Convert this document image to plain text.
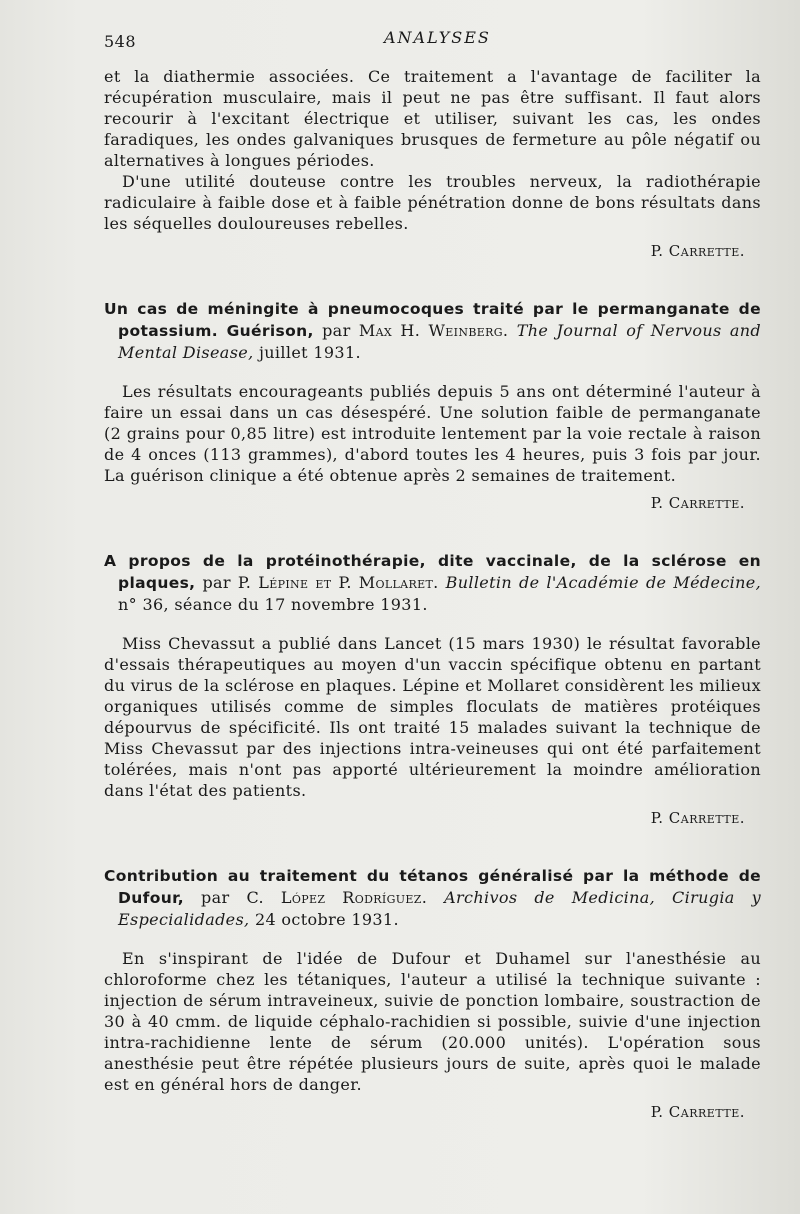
548	ANALYSES

et la diathermie associées. Ce traitement a l'avantage de faciliter la récupération musculaire, mais il peut ne pas être suffisant. Il faut alors recourir à l'excitant électrique et utiliser, suivant les cas, les ondes faradiques, les ondes galvaniques brusques de fermeture au pôle négatif ou alternatives à longues périodes.

D'une utilité douteuse contre les troubles nerveux, la radiothérapie radiculaire à faible dose et à faible pénétration donne de bons résultats dans les séquelles douloureuses rebelles.

P. Carrette.
Un cas de méningite à pneumocoques traité par le permanganate de potassium. Guérison, par Max H. Weinberg. The Journal of Nervous and Mental Disease, juillet 1931.

Les résultats encourageants publiés depuis 5 ans ont déterminé l'auteur à faire un essai dans un cas désespéré. Une solution faible de permanganate (2 grains pour 0,85 litre) est introduite lentement par la voie rectale à raison de 4 onces (113 grammes), d'abord toutes les 4 heures, puis 3 fois par jour. La guérison clinique a été obtenue après 2 semaines de traitement.

P. Carrette.
A propos de la protéinothérapie, dite vaccinale, de la sclérose en plaques, par P. Lépine et P. Mollaret. Bulletin de l'Académie de Médecine, n° 36, séance du 17 novembre 1931.

Miss Chevassut a publié dans Lancet (15 mars 1930) le résultat favorable d'essais thérapeutiques au moyen d'un vaccin spécifique obtenu en partant du virus de la sclérose en plaques. Lépine et Mollaret considèrent les milieux organiques utilisés comme de simples floculats de matières protéiques dépourvus de spécificité. Ils ont traité 15 malades suivant la technique de Miss Chevassut par des injections intra-veineuses qui ont été parfaitement tolérées, mais n'ont pas apporté ultérieurement la moindre amélioration dans l'état des patients.

P. Carrette.
Contribution au traitement du tétanos généralisé par la méthode de Dufour, par C. López Rodríguez. Archivos de Medicina, Cirugia y Especialidades, 24 octobre 1931.

En s'inspirant de l'idée de Dufour et Duhamel sur l'anesthésie au chloroforme chez les tétaniques, l'auteur a utilisé la technique suivante : injection de sérum intraveineux, suivie de ponction lombaire, soustraction de 30 à 40 cmm. de liquide céphalo-rachidien si possible, suivie d'une injection intra-rachidienne lente de sérum (20.000 unités). L'opération sous anesthésie peut être répétée plusieurs jours de suite, après quoi le malade est en général hors de danger.

P. Carrette.
